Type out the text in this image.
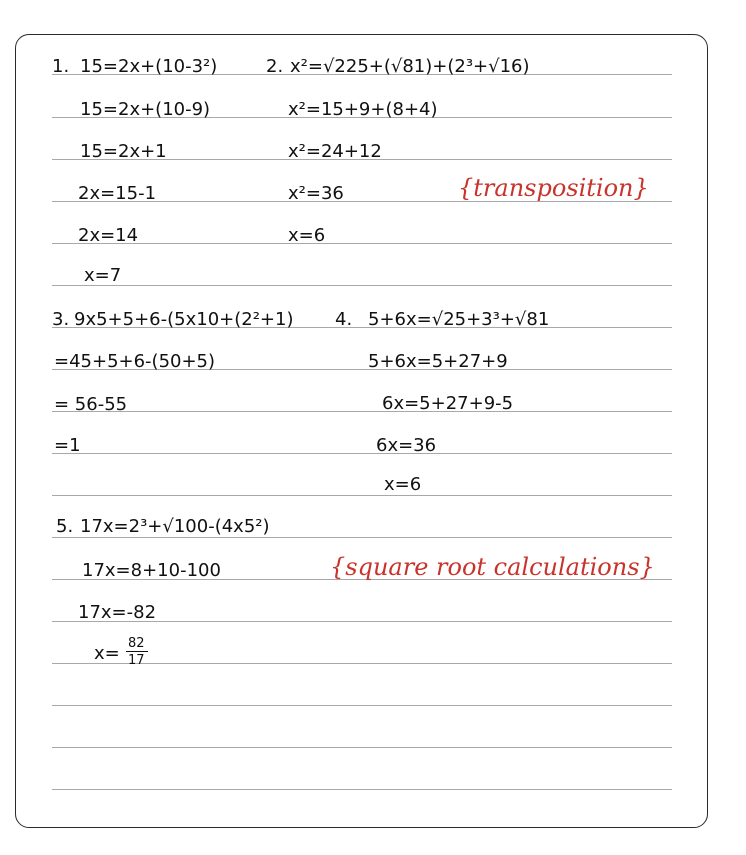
1. 15=2x+(10-3²)
15=2x+(10-9)
15=2x+1
2x=15-1
2x=14
x=7
2. x²=√225+(√81)+(2³+√16)
x²=15+9+(8+4)
x²=24+12
x²=36
x=6
{transposition}
3. 9x5+5+6-(5x10+(2²+1)
=45+5+6-(50+5)
= 56-55
=1
4. 5+6x=√25+3³+√81
5+6x=5+27+9
6x=5+27+9-5
6x=36
x=6
5. 17x=2³+√100-(4x5²)
17x=8+10-100
17x=-82
x= 82
17
{square root calculations}
